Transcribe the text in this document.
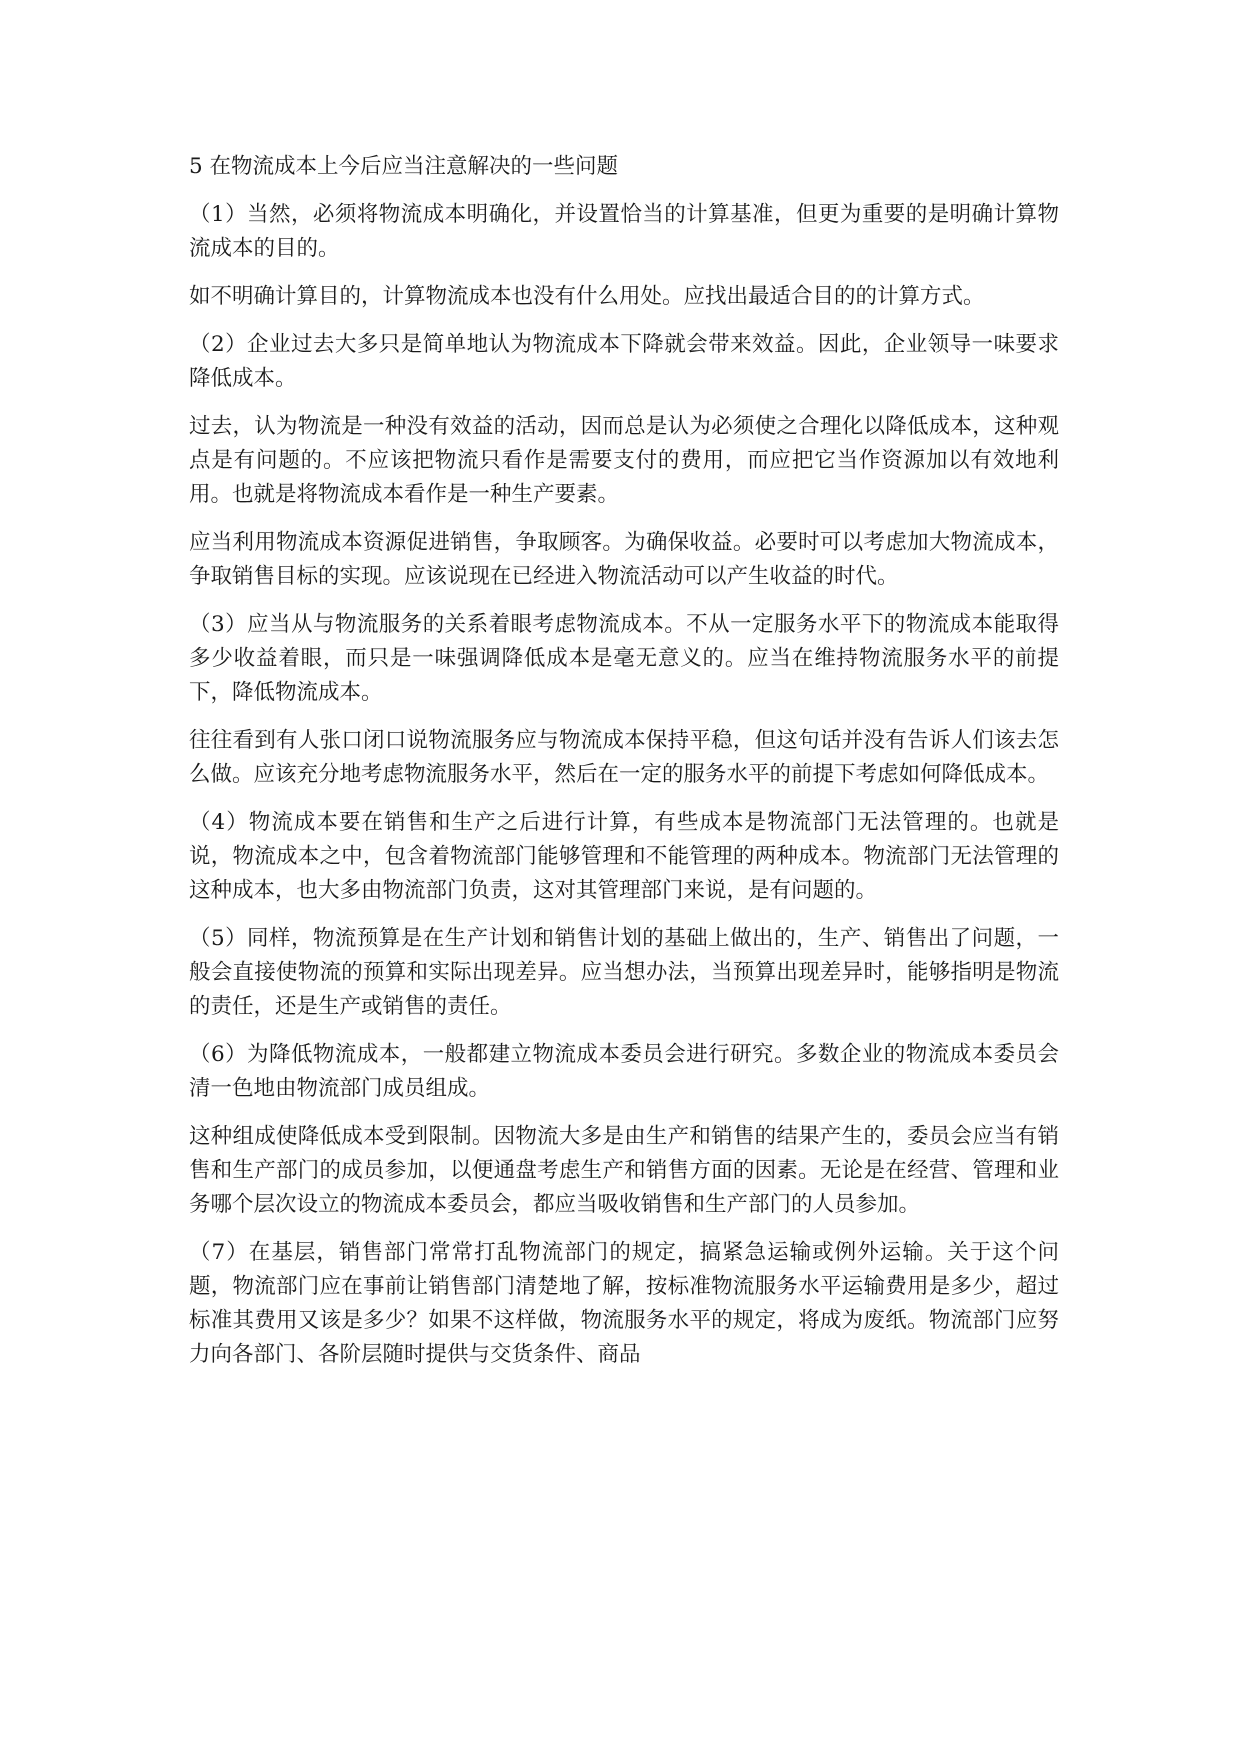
5 在物流成本上今后应当注意解决的一些问题

（1）当然，必须将物流成本明确化，并设置恰当的计算基准，但更为重要的是明确计算物流成本的目的。

如不明确计算目的，计算物流成本也没有什么用处。应找出最适合目的的计算方式。

（2）企业过去大多只是简单地认为物流成本下降就会带来效益。因此，企业领导一味要求降低成本。

过去，认为物流是一种没有效益的活动，因而总是认为必须使之合理化以降低成本，这种观点是有问题的。不应该把物流只看作是需要支付的费用，而应把它当作资源加以有效地利用。也就是将物流成本看作是一种生产要素。

应当利用物流成本资源促进销售，争取顾客。为确保收益。必要时可以考虑加大物流成本，争取销售目标的实现。应该说现在已经进入物流活动可以产生收益的时代。

（3）应当从与物流服务的关系着眼考虑物流成本。不从一定服务水平下的物流成本能取得多少收益着眼，而只是一味强调降低成本是毫无意义的。应当在维持物流服务水平的前提下，降低物流成本。

往往看到有人张口闭口说物流服务应与物流成本保持平稳，但这句话并没有告诉人们该去怎么做。应该充分地考虑物流服务水平，然后在一定的服务水平的前提下考虑如何降低成本。

（4）物流成本要在销售和生产之后进行计算，有些成本是物流部门无法管理的。也就是说，物流成本之中，包含着物流部门能够管理和不能管理的两种成本。物流部门无法管理的这种成本，也大多由物流部门负责，这对其管理部门来说，是有问题的。

（5）同样，物流预算是在生产计划和销售计划的基础上做出的，生产、销售出了问题，一般会直接使物流的预算和实际出现差异。应当想办法，当预算出现差异时，能够指明是物流的责任，还是生产或销售的责任。

（6）为降低物流成本，一般都建立物流成本委员会进行研究。多数企业的物流成本委员会清一色地由物流部门成员组成。

这种组成使降低成本受到限制。因物流大多是由生产和销售的结果产生的，委员会应当有销售和生产部门的成员参加，以便通盘考虑生产和销售方面的因素。无论是在经营、管理和业务哪个层次设立的物流成本委员会，都应当吸收销售和生产部门的人员参加。

（7）在基层，销售部门常常打乱物流部门的规定，搞紧急运输或例外运输。关于这个问题，物流部门应在事前让销售部门清楚地了解，按标准物流服务水平运输费用是多少，超过标准其费用又该是多少？如果不这样做，物流服务水平的规定，将成为废纸。物流部门应努力向各部门、各阶层随时提供与交货条件、商品
